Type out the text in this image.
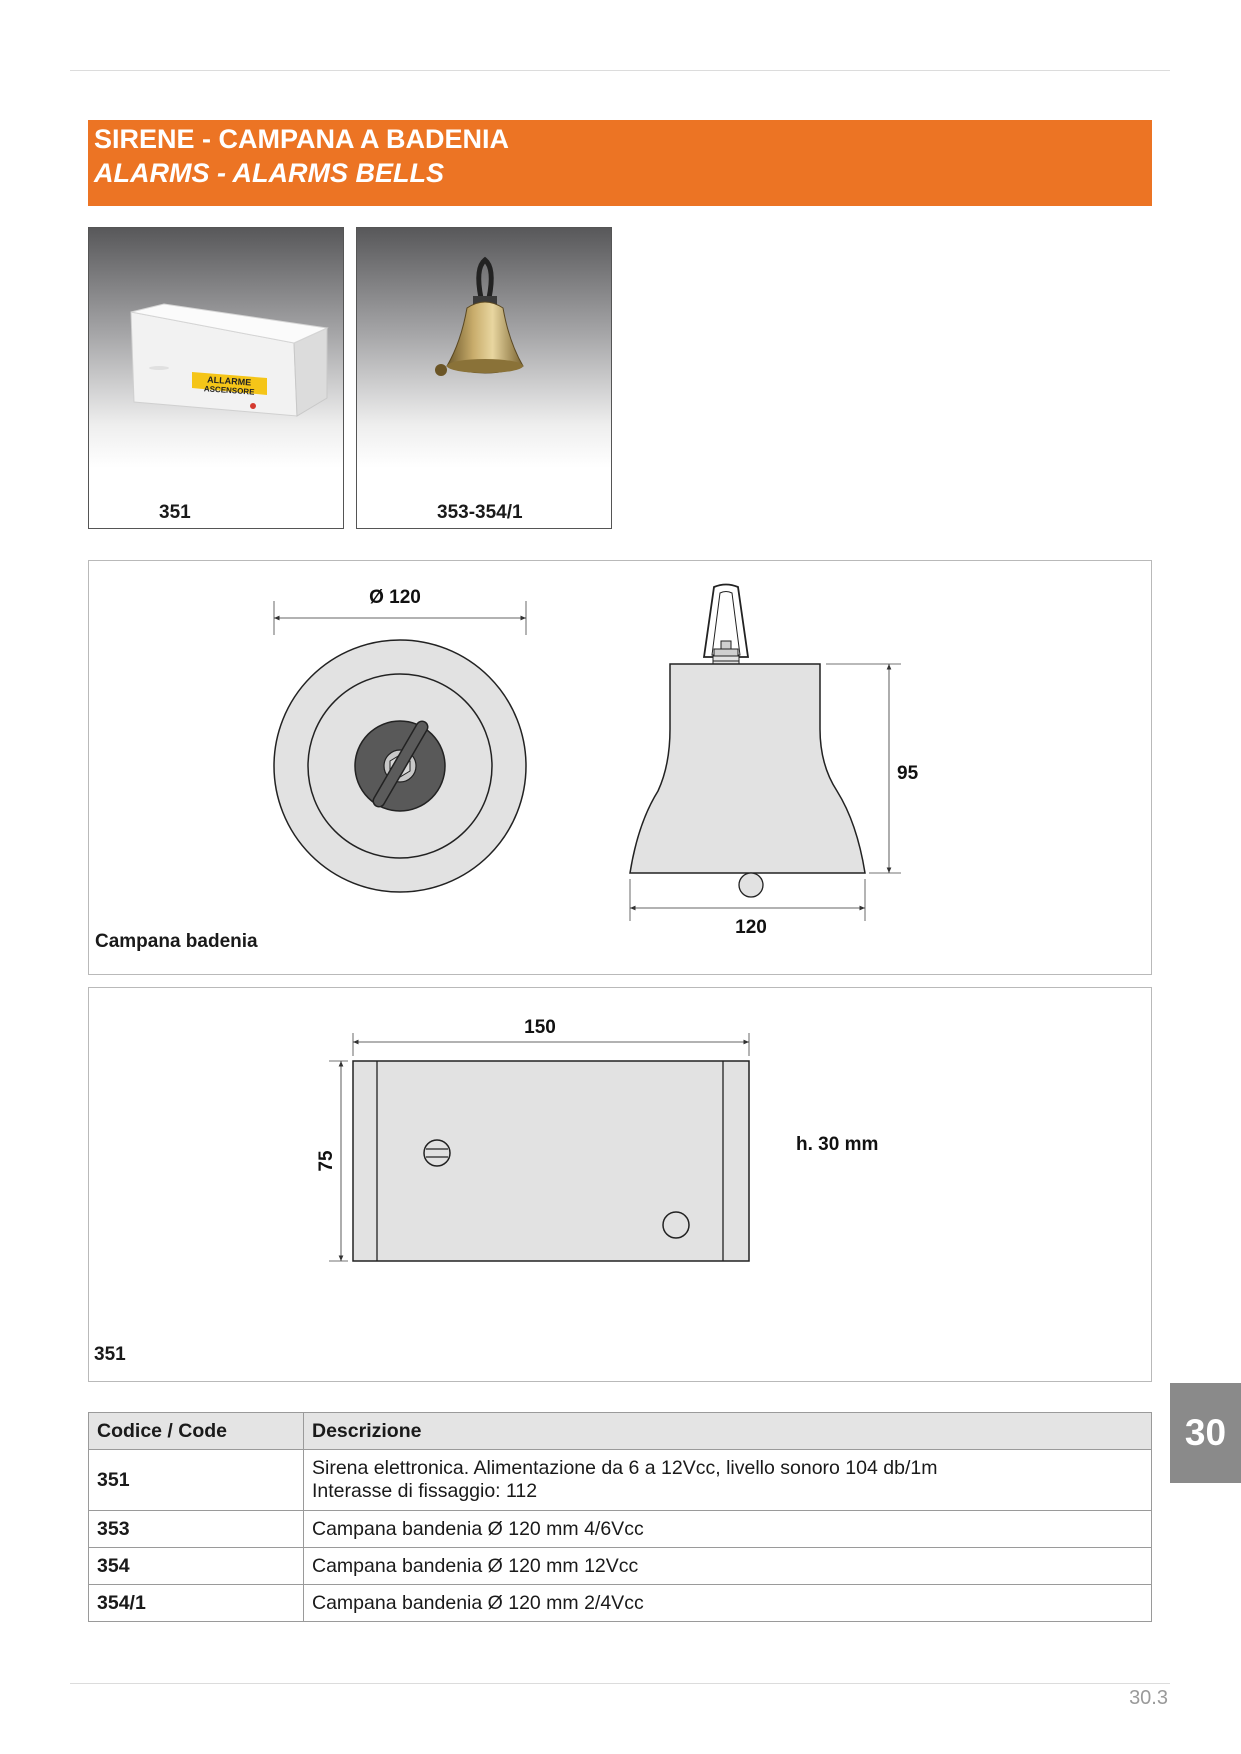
SIRENE - CAMPANA A BADENIA
ALARMS - ALARMS BELLS
ALLARME
ASCENSORE
351	353-354/1
Ø 120
95
120
Campana badenia
150
75
h. 30 mm
351
Codice / Code	Descrizione
351	Sirena elettronica. Alimentazione da 6 a 12Vcc, livello sonoro 104 db/1m
Interasse di fissaggio: 112

353	Campana bandenia Ø 120 mm 4/6Vcc
354	Campana bandenia Ø 120 mm 12Vcc
354/1	Campana bandenia Ø 120 mm 2/4Vcc
30
30.3
